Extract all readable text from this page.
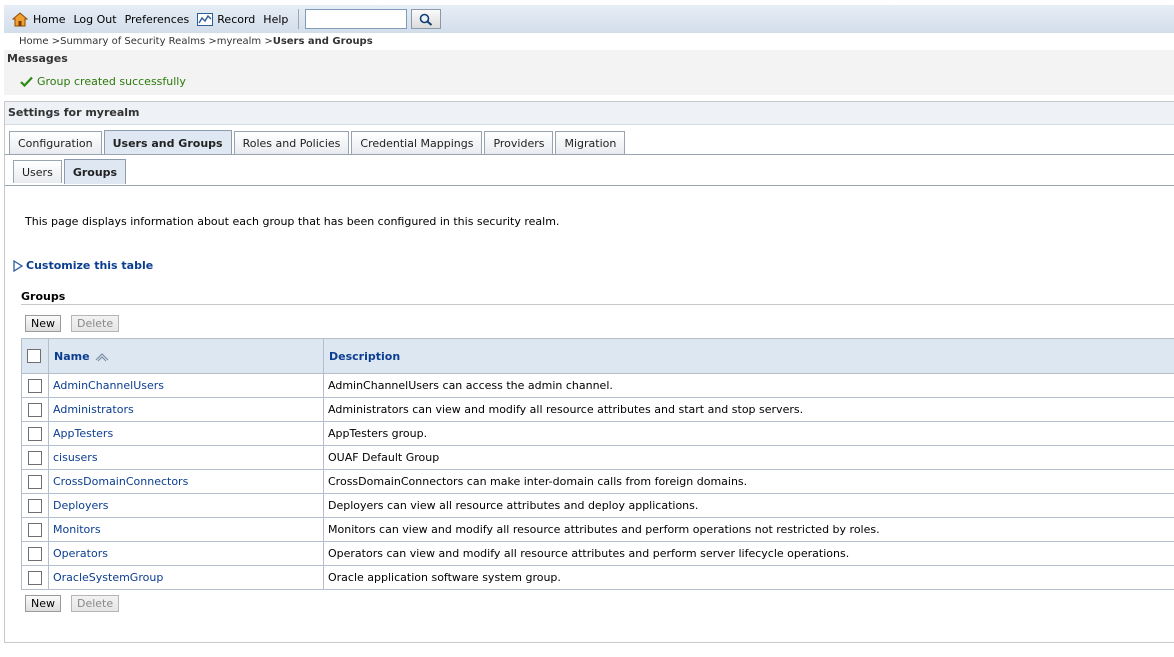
Home Log Out Preferences	Record Help
Home >Summary of Security Realms >myrealm >Users and Groups
Messages
Group created successfully
Settings for myrealm
Configuration	Users and Groups	Roles and Policies	Credential Mappings	Providers	Migration
Users	Groups
This page displays information about each group that has been configured in this security realm.
Customize this table
Groups
New	Delete
	Name	Description
	AdminChannelUsers	AdminChannelUsers can access the admin channel.
	Administrators	Administrators can view and modify all resource attributes and start and stop servers.
	AppTesters	AppTesters group.
	cisusers	OUAF Default Group
	CrossDomainConnectors	CrossDomainConnectors can make inter-domain calls from foreign domains.
	Deployers	Deployers can view all resource attributes and deploy applications.
	Monitors	Monitors can view and modify all resource attributes and perform operations not restricted by roles.
	Operators	Operators can view and modify all resource attributes and perform server lifecycle operations.
	OracleSystemGroup	Oracle application software system group.
New	Delete
